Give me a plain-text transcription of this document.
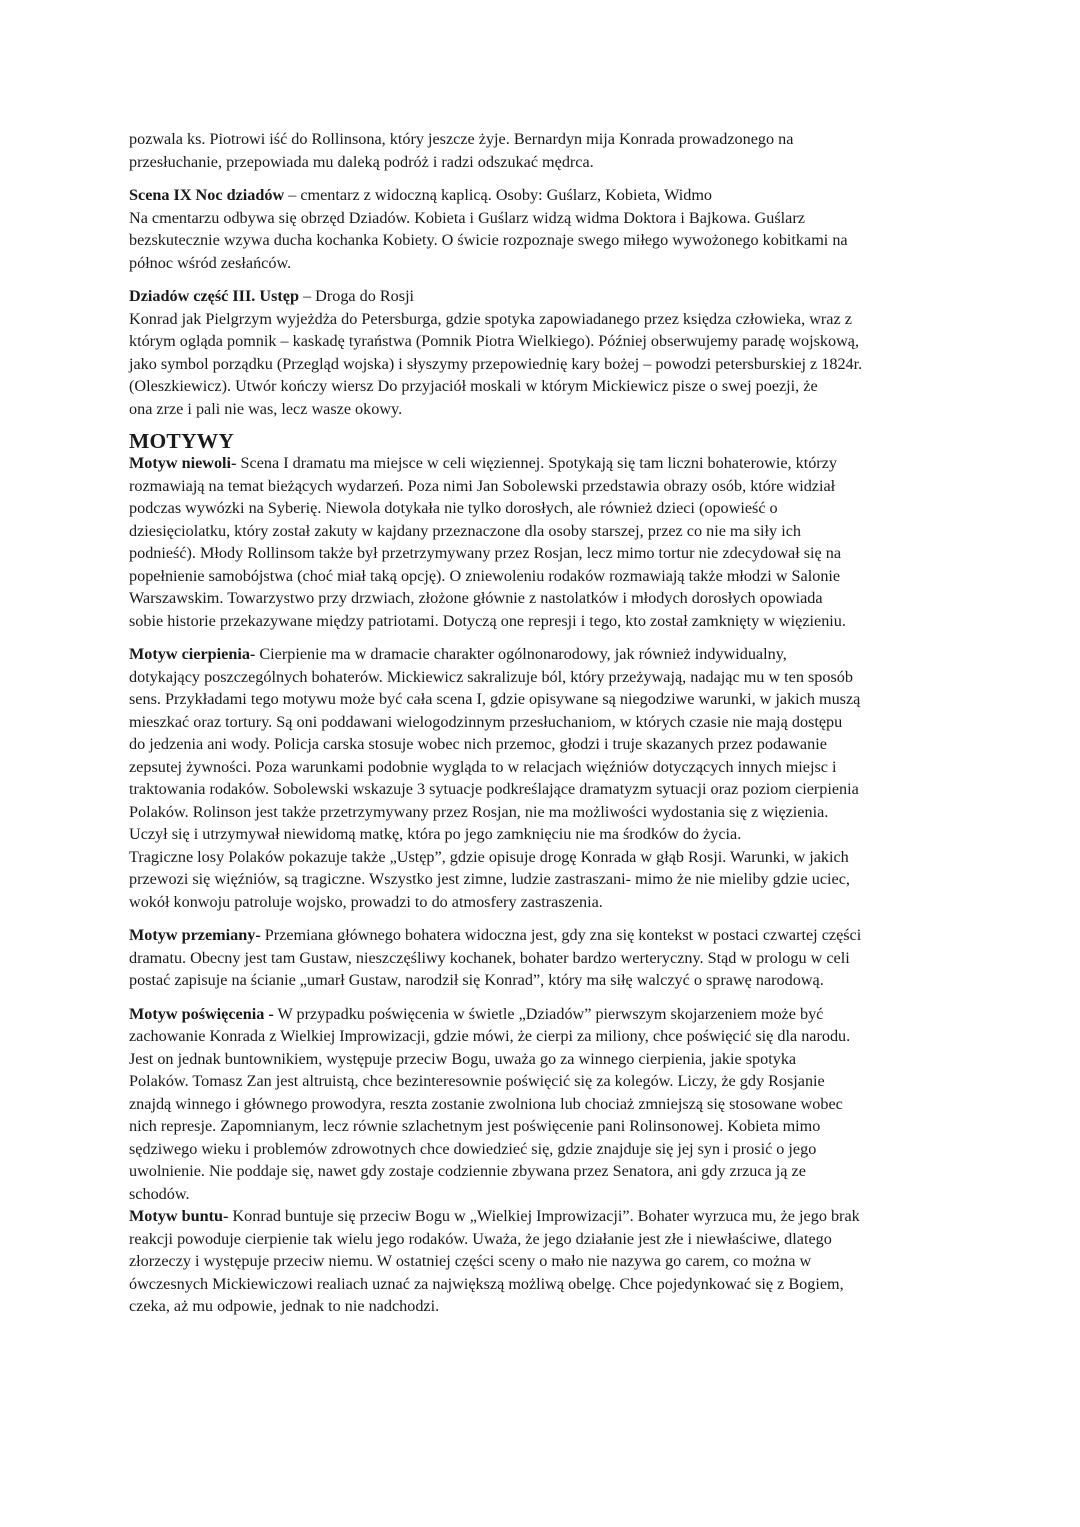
pozwala ks. Piotrowi iść do Rollinsona, który jeszcze żyje. Bernardyn mija Konrada prowadzonego na
przesłuchanie, przepowiada mu daleką podróż i radzi odszukać mędrca.

Scena IX Noc dziadów – cmentarz z widoczną kaplicą. Osoby: Guślarz, Kobieta, Widmo
Na cmentarzu odbywa się obrzęd Dziadów. Kobieta i Guślarz widzą widma Doktora i Bajkowa. Guślarz
bezskutecznie wzywa ducha kochanka Kobiety. O świcie rozpoznaje swego miłego wywożonego kobitkami na
północ wśród zesłańców.

Dziadów część III. Ustęp – Droga do Rosji
Konrad jak Pielgrzym wyjeżdża do Petersburga, gdzie spotyka zapowiadanego przez księdza człowieka, wraz z
którym ogląda pomnik – kaskadę tyraństwa (Pomnik Piotra Wielkiego). Później obserwujemy paradę wojskową,
jako symbol porządku (Przegląd wojska) i słyszymy przepowiednię kary bożej – powodzi petersburskiej z 1824r.
(Oleszkiewicz). Utwór kończy wiersz Do przyjaciół moskali w którym Mickiewicz pisze o swej poezji, że
ona zrze i pali nie was, lecz wasze okowy.

MOTYWY

Motyw niewoli- Scena I dramatu ma miejsce w celi więziennej. Spotykają się tam liczni bohaterowie, którzy
rozmawiają na temat bieżących wydarzeń. Poza nimi Jan Sobolewski przedstawia obrazy osób, które widział
podczas wywózki na Syberię. Niewola dotykała nie tylko dorosłych, ale również dzieci (opowieść o
dziesięciolatku, który został zakuty w kajdany przeznaczone dla osoby starszej, przez co nie ma siły ich
podnieść). Młody Rollinsom także był przetrzymywany przez Rosjan, lecz mimo tortur nie zdecydował się na
popełnienie samobójstwa (choć miał taką opcję). O zniewoleniu rodaków rozmawiają także młodzi w Salonie
Warszawskim. Towarzystwo przy drzwiach, złożone głównie z nastolatków i młodych dorosłych opowiada
sobie historie przekazywane między patriotami. Dotyczą one represji i tego, kto został zamknięty w więzieniu.

Motyw cierpienia- Cierpienie ma w dramacie charakter ogólnonarodowy, jak również indywidualny,
dotykający poszczególnych bohaterów. Mickiewicz sakralizuje ból, który przeżywają, nadając mu w ten sposób
sens. Przykładami tego motywu może być cała scena I, gdzie opisywane są niegodziwe warunki, w jakich muszą
mieszkać oraz tortury. Są oni poddawani wielogodzinnym przesłuchaniom, w których czasie nie mają dostępu
do jedzenia ani wody. Policja carska stosuje wobec nich przemoc, głodzi i truje skazanych przez podawanie
zepsutej żywności. Poza warunkami podobnie wygląda to w relacjach więźniów dotyczących innych miejsc i
traktowania rodaków. Sobolewski wskazuje 3 sytuacje podkreślające dramatyzm sytuacji oraz poziom cierpienia
Polaków. Rolinson jest także przetrzymywany przez Rosjan, nie ma możliwości wydostania się z więzienia.
Uczył się i utrzymywał niewidomą matkę, która po jego zamknięciu nie ma środków do życia.
Tragiczne losy Polaków pokazuje także „Ustęp”, gdzie opisuje drogę Konrada w głąb Rosji. Warunki, w jakich
przewozi się więźniów, są tragiczne. Wszystko jest zimne, ludzie zastraszani- mimo że nie mieliby gdzie uciec,
wokół konwoju patroluje wojsko, prowadzi to do atmosfery zastraszenia.

Motyw przemiany- Przemiana głównego bohatera widoczna jest, gdy zna się kontekst w postaci czwartej części
dramatu. Obecny jest tam Gustaw, nieszczęśliwy kochanek, bohater bardzo werteryczny. Stąd w prologu w celi
postać zapisuje na ścianie „umarł Gustaw, narodził się Konrad”, który ma siłę walczyć o sprawę narodową.

Motyw poświęcenia - W przypadku poświęcenia w świetle „Dziadów” pierwszym skojarzeniem może być
zachowanie Konrada z Wielkiej Improwizacji, gdzie mówi, że cierpi za miliony, chce poświęcić się dla narodu.
Jest on jednak buntownikiem, występuje przeciw Bogu, uważa go za winnego cierpienia, jakie spotyka
Polaków. Tomasz Zan jest altruistą, chce bezinteresownie poświęcić się za kolegów. Liczy, że gdy Rosjanie
znajdą winnego i głównego prowodyra, reszta zostanie zwolniona lub chociaż zmniejszą się stosowane wobec
nich represje. Zapomnianym, lecz równie szlachetnym jest poświęcenie pani Rolinsonowej. Kobieta mimo
sędziwego wieku i problemów zdrowotnych chce dowiedzieć się, gdzie znajduje się jej syn i prosić o jego
uwolnienie. Nie poddaje się, nawet gdy zostaje codziennie zbywana przez Senatora, ani gdy zrzuca ją ze
schodów.

Motyw buntu- Konrad buntuje się przeciw Bogu w „Wielkiej Improwizacji”. Bohater wyrzuca mu, że jego brak
reakcji powoduje cierpienie tak wielu jego rodaków. Uważa, że jego działanie jest złe i niewłaściwe, dlatego
złorzeczy i występuje przeciw niemu. W ostatniej części sceny o mało nie nazywa go carem, co można w
ówczesnych Mickiewiczowi realiach uznać za największą możliwą obelgę. Chce pojedynkować się z Bogiem,
czeka, aż mu odpowie, jednak to nie nadchodzi.
